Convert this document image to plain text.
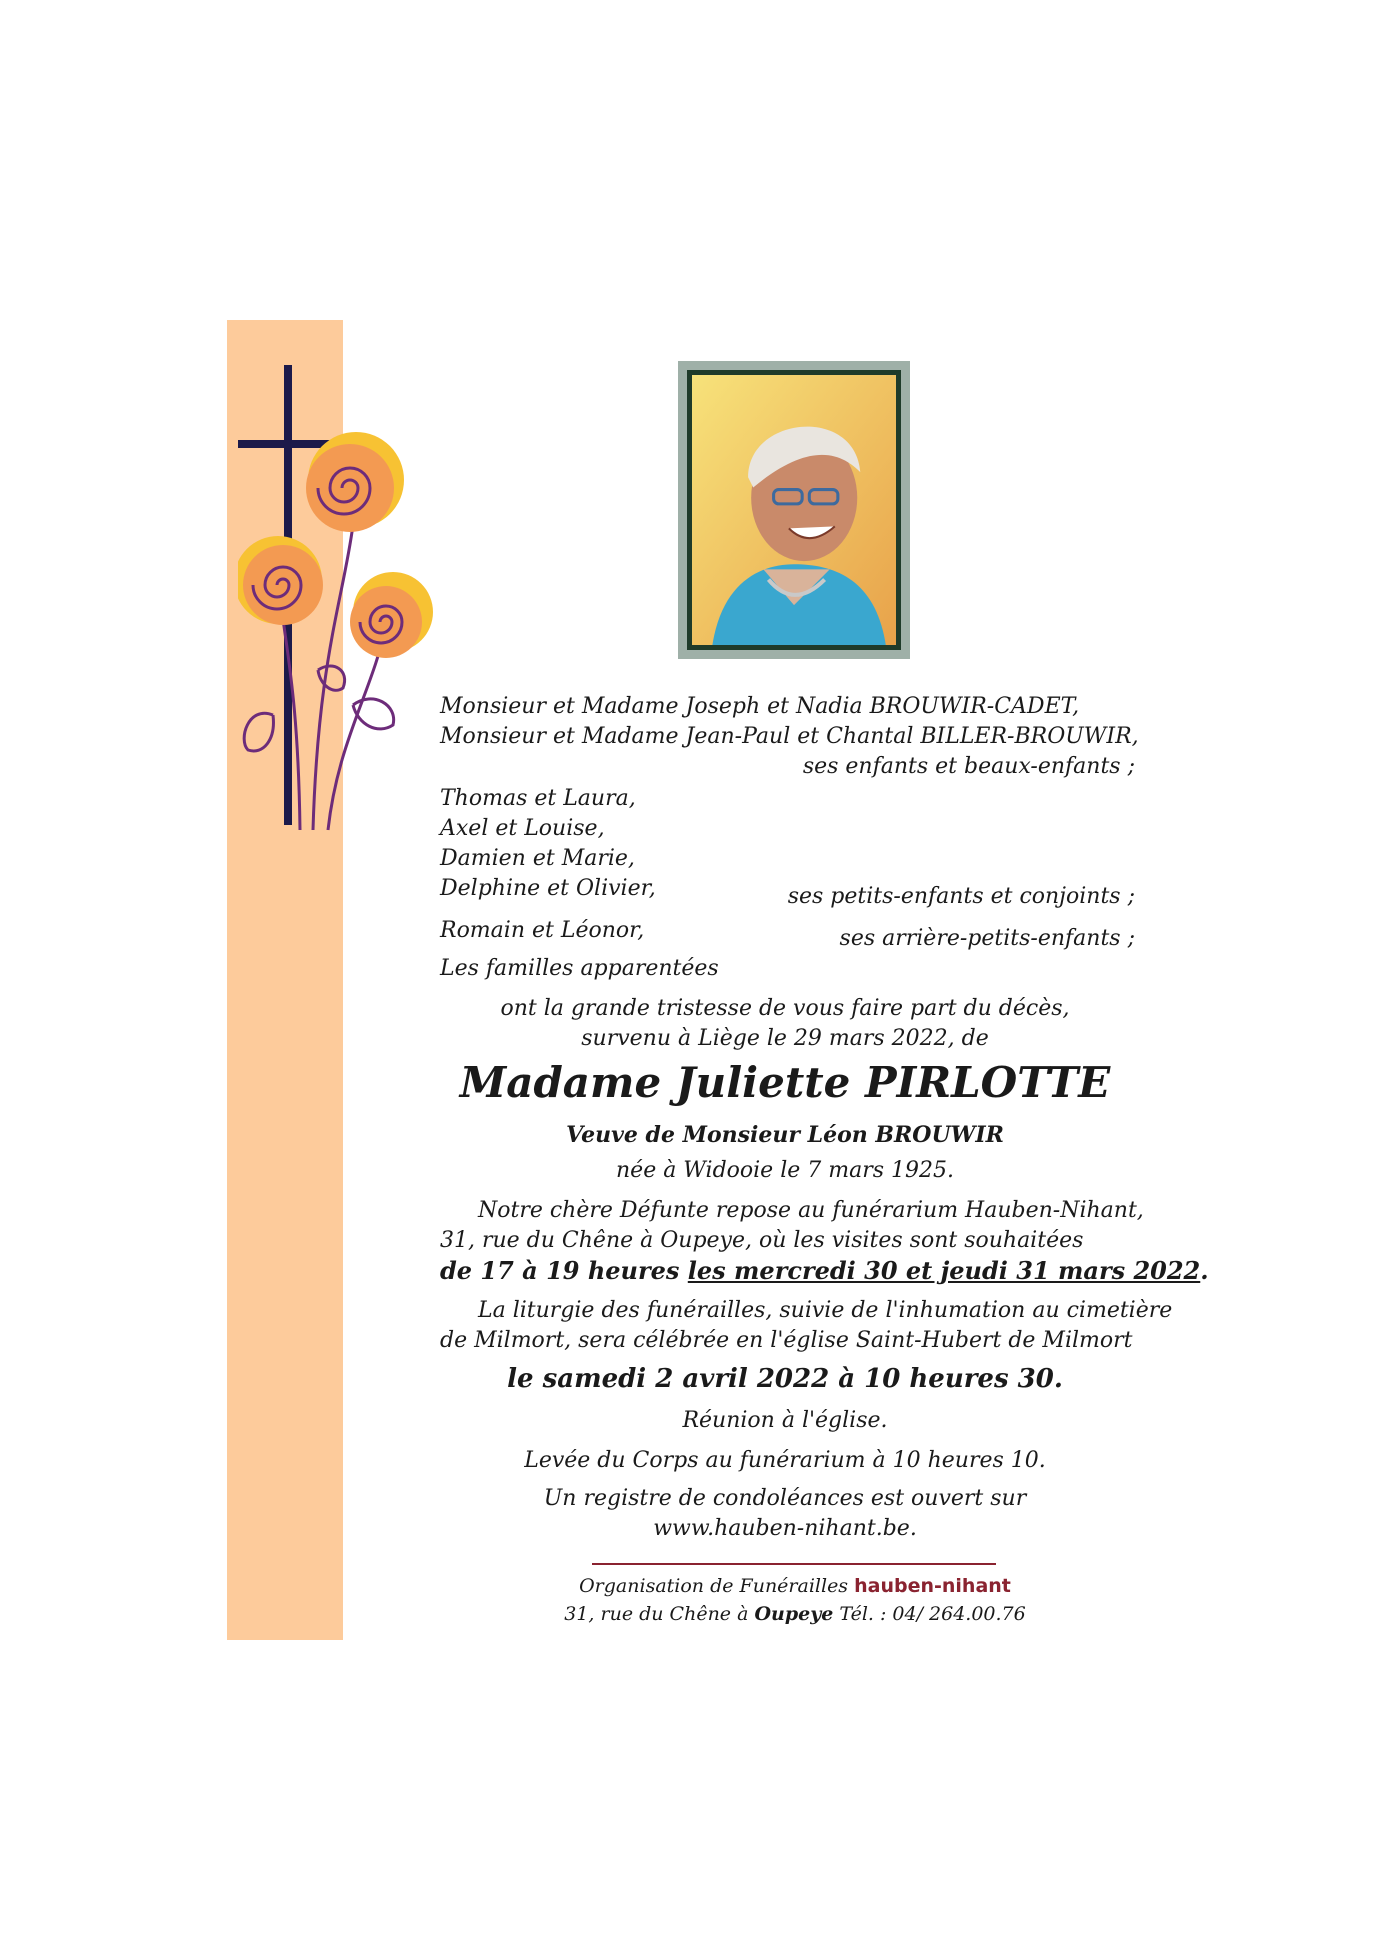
Monsieur et Madame Joseph et Nadia BROUWIR-CADET,
Monsieur et Madame Jean-Paul et Chantal BILLER-BROUWIR,
ses enfants et beaux-enfants ;
Thomas et Laura,
Axel et Louise,
Damien et Marie,
Delphine et Olivier,	ses petits-enfants et conjoints ;
Romain et Léonor,	ses arrière-petits-enfants ;
Les familles apparentées
ont la grande tristesse de vous faire part du décès,
survenu à Liège le 29 mars 2022, de
Madame Juliette PIRLOTTE
Veuve de Monsieur Léon BROUWIR
née à Widooie le 7 mars 1925.
Notre chère Défunte repose au funérarium Hauben-Nihant,
31, rue du Chêne à Oupeye, où les visites sont souhaitées
de 17 à 19 heures les mercredi 30 et jeudi 31 mars 2022.
La liturgie des funérailles, suivie de l'inhumation au cimetière
de Milmort, sera célébrée en l'église Saint-Hubert de Milmort
le samedi 2 avril 2022 à 10 heures 30.
Réunion à l'église.
Levée du Corps au funérarium à 10 heures 10.
Un registre de condoléances est ouvert sur
www.hauben-nihant.be.
Organisation de Funérailles hauben-nihant
31, rue du Chêne à Oupeye Tél. : 04/ 264.00.76
